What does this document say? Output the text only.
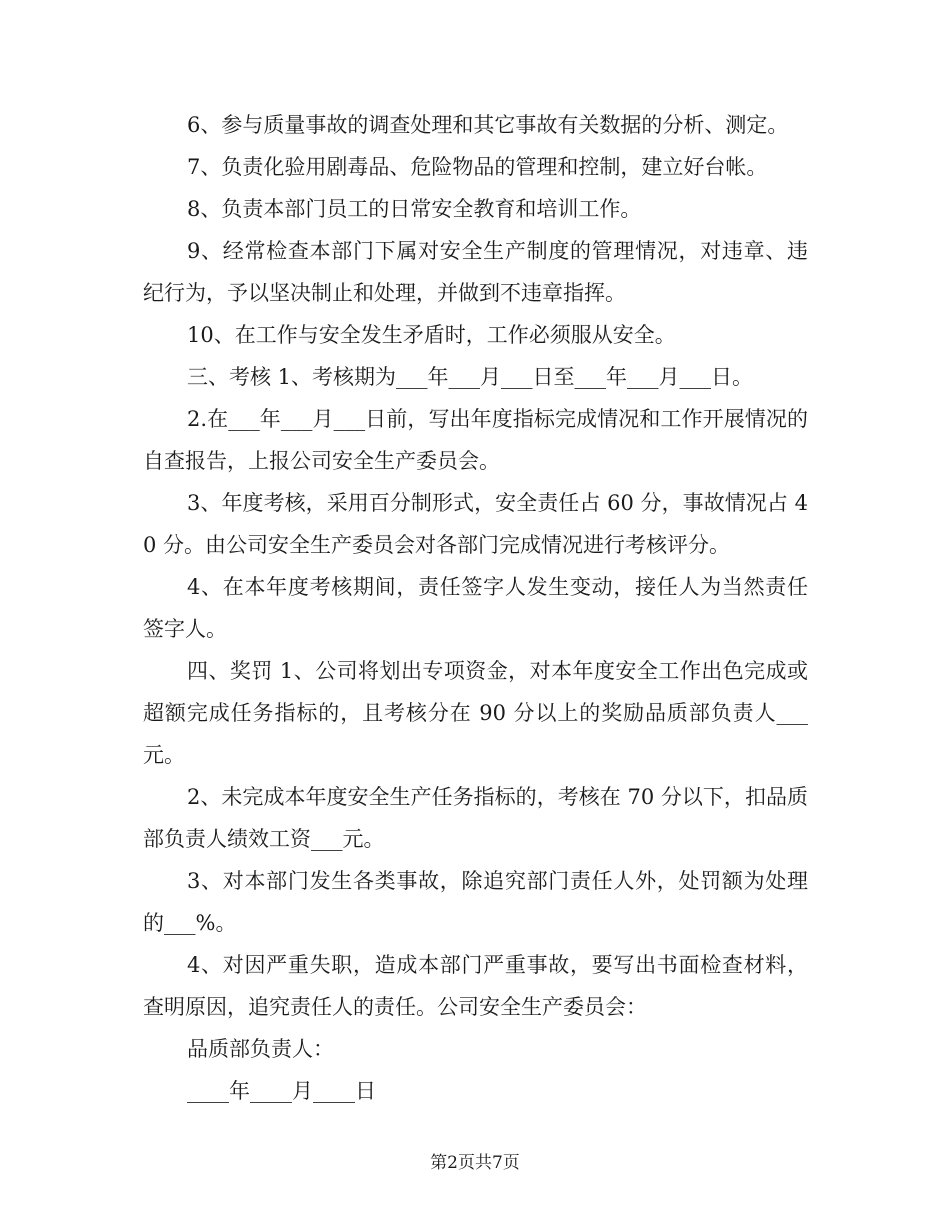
6、参与质量事故的调查处理和其它事故有关数据的分析、测定。

7、负责化验用剧毒品、危险物品的管理和控制，建立好台帐。

8、负责本部门员工的日常安全教育和培训工作。

9、经常检查本部门下属对安全生产制度的管理情况，对违章、违纪行为，予以坚决制止和处理，并做到不违章指挥。

10、在工作与安全发生矛盾时，工作必须服从安全。

三、考核 1、考核期为___年___月___日至___年___月___日。

2.在___年___月___日前，写出年度指标完成情况和工作开展情况的自查报告，上报公司安全生产委员会。

3、年度考核，采用百分制形式，安全责任占 60 分，事故情况占 40 分。由公司安全生产委员会对各部门完成情况进行考核评分。

4、在本年度考核期间，责任签字人发生变动，接任人为当然责任签字人。

四、奖罚 1、公司将划出专项资金，对本年度安全工作出色完成或超额完成任务指标的，且考核分在 90 分以上的奖励品质部负责人___元。

2、未完成本年度安全生产任务指标的，考核在 70 分以下，扣品质部负责人绩效工资___元。

3、对本部门发生各类事故，除追究部门责任人外，处罚额为处理的___%。

4、对因严重失职，造成本部门严重事故，要写出书面检查材料，查明原因，追究责任人的责任。公司安全生产委员会：

品质部负责人：

____年____月____日

第2页共7页
